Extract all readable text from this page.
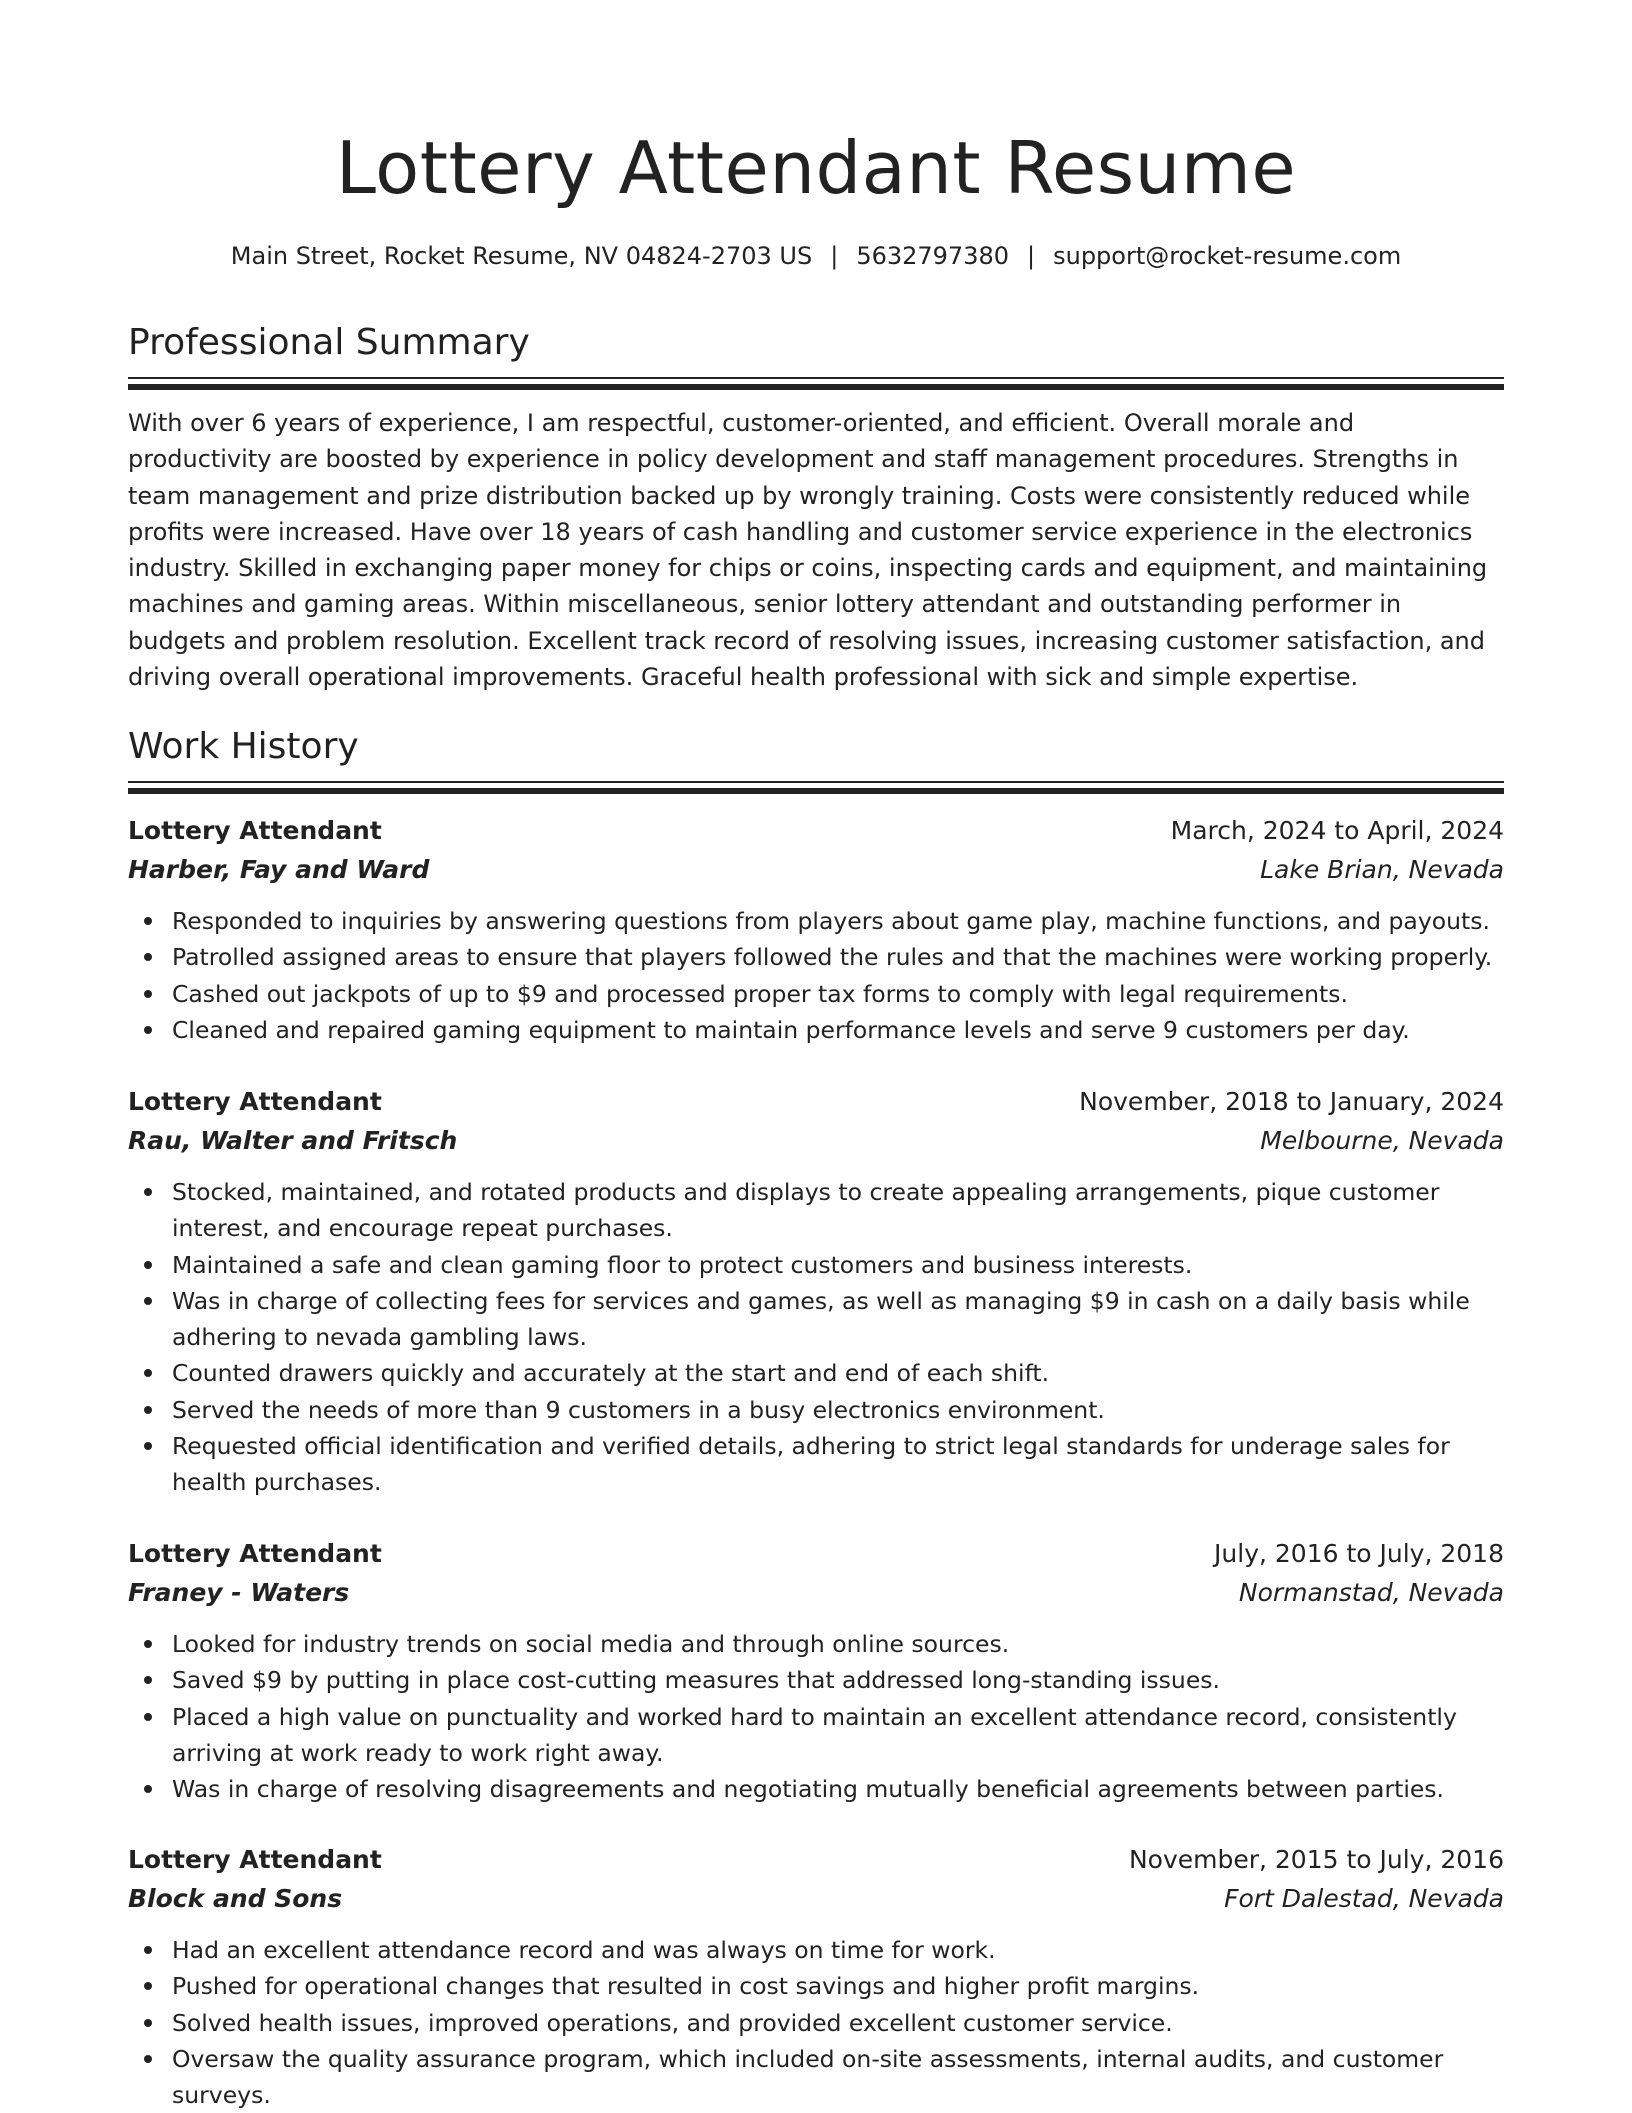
Lottery Attendant Resume
Main Street, Rocket Resume, NV 04824-2703 US | 5632797380 | support@rocket-resume.com
Professional Summary

With over 6 years of experience, I am respectful, customer-oriented, and efficient. Overall morale and productivity are boosted by experience in policy development and staff management procedures. Strengths in team management and prize distribution backed up by wrongly training. Costs were consistently reduced while profits were increased. Have over 18 years of cash handling and customer service experience in the electronics industry. Skilled in exchanging paper money for chips or coins, inspecting cards and equipment, and maintaining machines and gaming areas. Within miscellaneous, senior lottery attendant and outstanding performer in budgets and problem resolution. Excellent track record of resolving issues, increasing customer satisfaction, and driving overall operational improvements. Graceful health professional with sick and simple expertise.

Work History
Lottery Attendant	March, 2024 to April, 2024
Harber, Fay and Ward	Lake Brian, Nevada
Responded to inquiries by answering questions from players about game play, machine functions, and payouts.
Patrolled assigned areas to ensure that players followed the rules and that the machines were working properly.
Cashed out jackpots of up to $9 and processed proper tax forms to comply with legal requirements.
Cleaned and repaired gaming equipment to maintain performance levels and serve 9 customers per day.
Lottery Attendant	November, 2018 to January, 2024
Rau, Walter and Fritsch	Melbourne, Nevada
Stocked, maintained, and rotated products and displays to create appealing arrangements, pique customer interest, and encourage repeat purchases.
Maintained a safe and clean gaming floor to protect customers and business interests.
Was in charge of collecting fees for services and games, as well as managing $9 in cash on a daily basis while adhering to nevada gambling laws.
Counted drawers quickly and accurately at the start and end of each shift.
Served the needs of more than 9 customers in a busy electronics environment.
Requested official identification and verified details, adhering to strict legal standards for underage sales for health purchases.
Lottery Attendant	July, 2016 to July, 2018
Franey - Waters	Normanstad, Nevada
Looked for industry trends on social media and through online sources.
Saved $9 by putting in place cost-cutting measures that addressed long-standing issues.
Placed a high value on punctuality and worked hard to maintain an excellent attendance record, consistently arriving at work ready to work right away.
Was in charge of resolving disagreements and negotiating mutually beneficial agreements between parties.
Lottery Attendant	November, 2015 to July, 2016
Block and Sons	Fort Dalestad, Nevada
Had an excellent attendance record and was always on time for work.
Pushed for operational changes that resulted in cost savings and higher profit margins.
Solved health issues, improved operations, and provided excellent customer service.
Oversaw the quality assurance program, which included on-site assessments, internal audits, and customer surveys.
